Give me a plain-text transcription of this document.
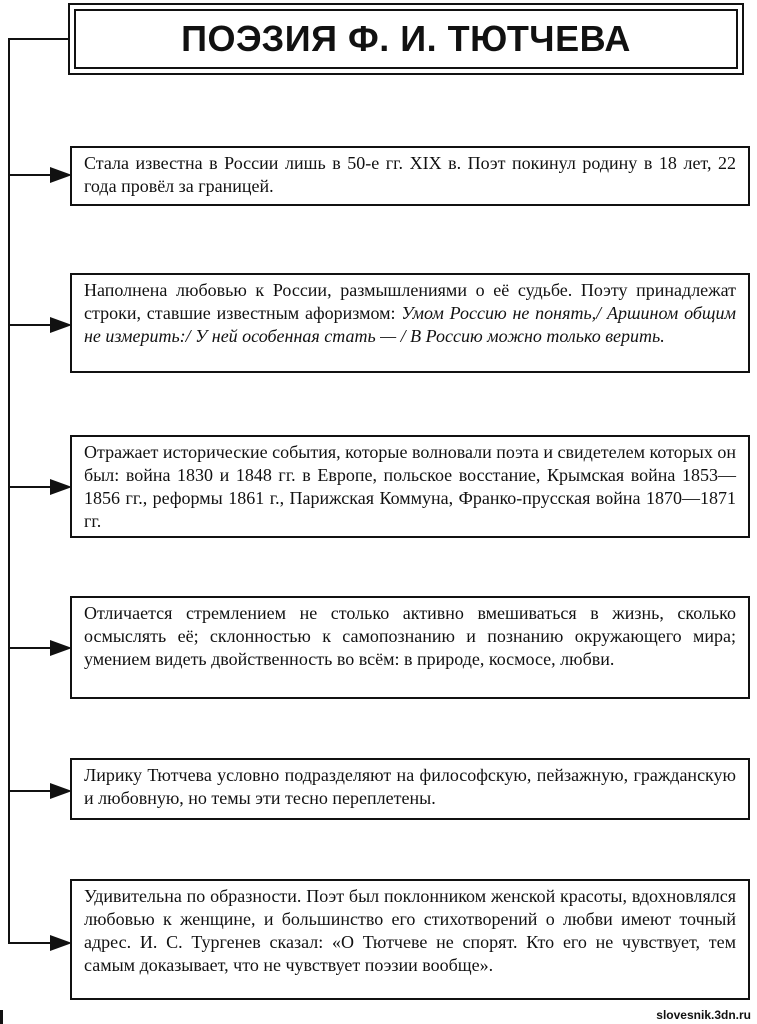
ПОЭЗИЯ Ф. И. ТЮТЧЕВА
Стала известна в России лишь в 50-е гг. XIX в. Поэт покинул родину в 18 лет, 22 года провёл за границей.
Наполнена любовью к России, размышлениями о её судьбе. Поэту принадлежат строки, ставшие известным афоризмом: Умом Россию не понять,/ Аршином общим не измерить:/ У ней особенная стать — / В Россию можно только верить.
Отражает исторические события, которые волновали поэта и свидетелем которых он был: война 1830 и 1848 гг. в Европе, польское восстание, Крымская война 1853—1856 гг., реформы 1861 г., Парижская Коммуна, Франко-прусская война 1870—1871 гг.
Отличается стремлением не столько активно вмешиваться в жизнь, сколько осмыслять её; склонностью к самопознанию и познанию окружающего мира; умением видеть двойственность во всём: в природе, космосе, любви.
Лирику Тютчева условно подразделяют на философскую, пейзажную, гражданскую и любовную, но темы эти тесно переплетены.
Удивительна по образности. Поэт был поклонником женской красоты, вдохновлялся любовью к женщине, и большинство его стихотворений о любви имеют точный адрес. И. С. Тургенев сказал: «О Тютчеве не спорят. Кто его не чувствует, тем самым доказывает, что не чувствует поэзии вообще».
slovesnik.3dn.ru
